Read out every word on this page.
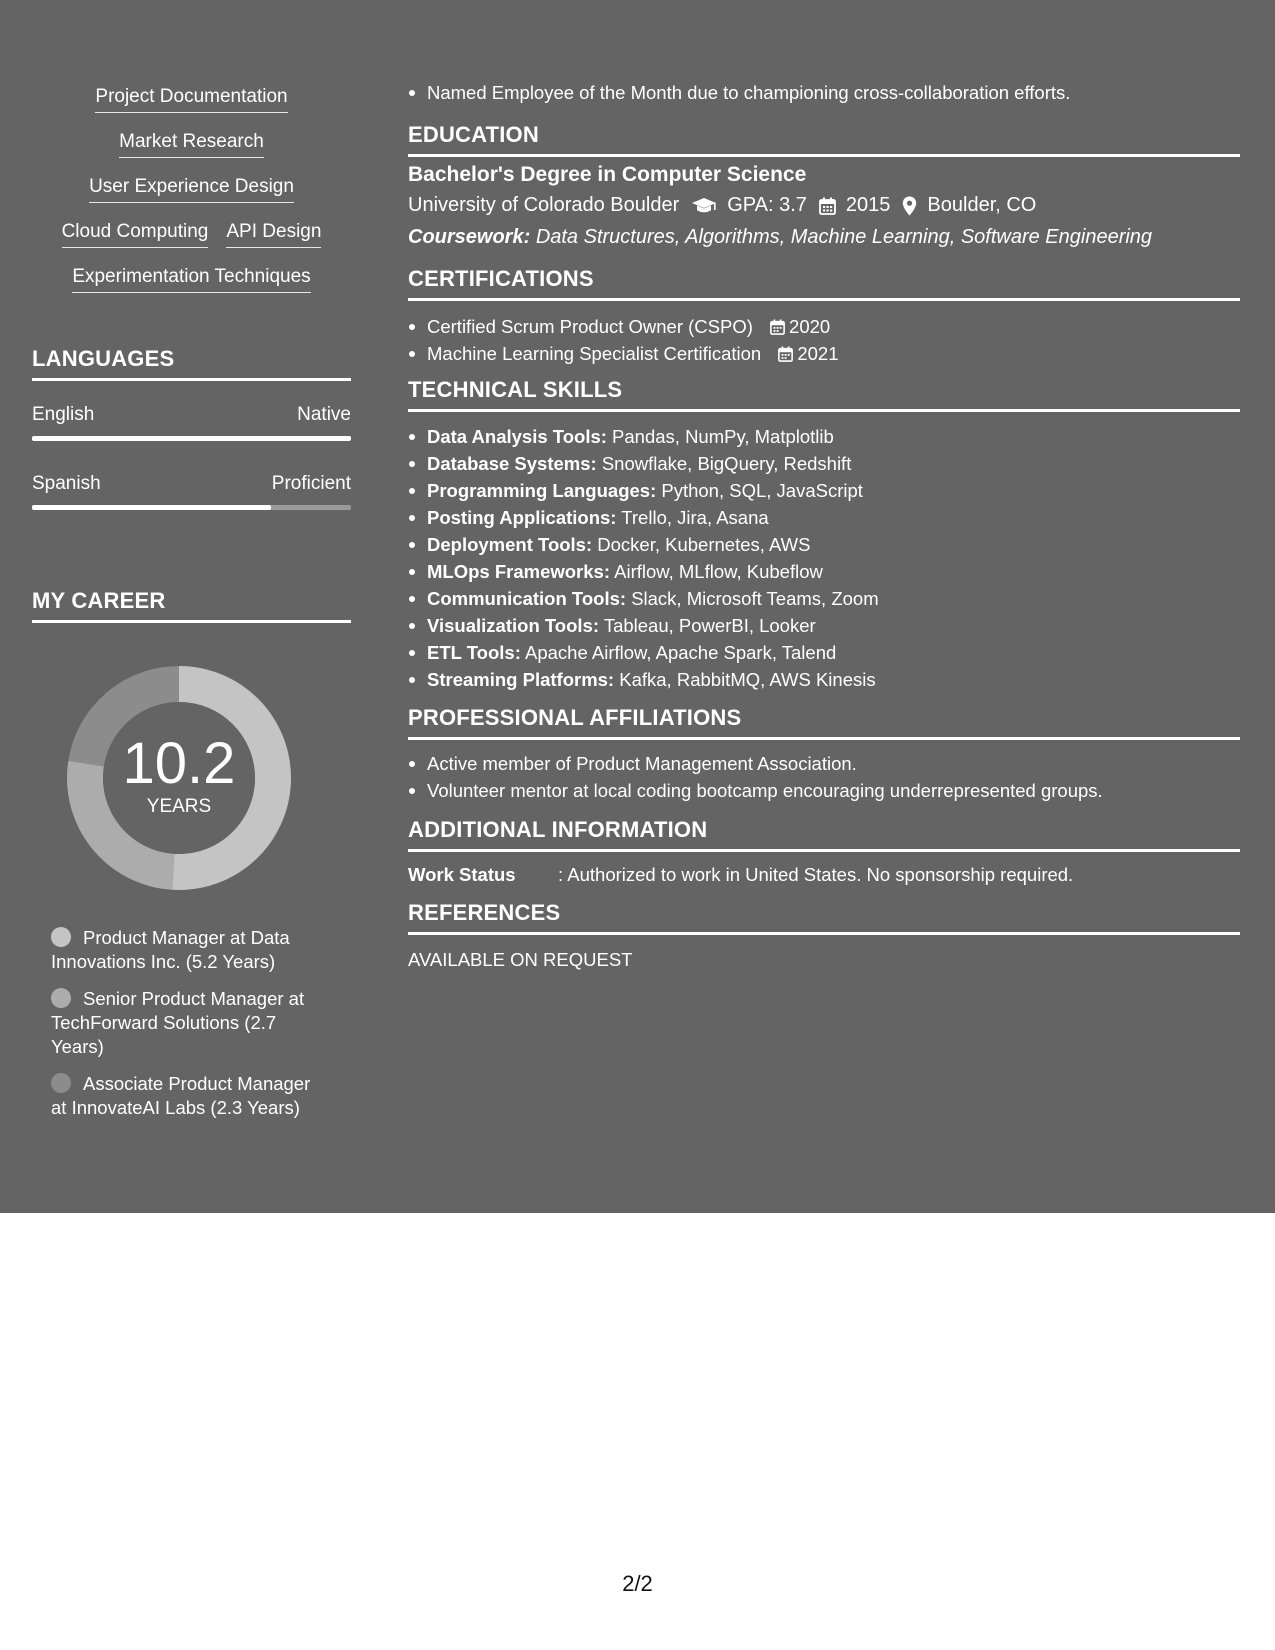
Project Documentation
Market Research
User Experience Design
Cloud Computing API Design
Experimentation Techniques
LANGUAGES
English	Native
Spanish	Proficient
MY CAREER
10.2
YEARS
Product Manager at Data Innovations Inc. (5.2 Years)
Senior Product Manager at TechForward Solutions (2.7 Years)
Associate Product Manager at InnovateAI Labs (2.3 Years)
Named Employee of the Month due to championing cross-collaboration efforts.
EDUCATION
Bachelor's Degree in Computer Science
University of Colorado Boulder GPA: 3.7 2015 Boulder, CO
Coursework: Data Structures, Algorithms, Machine Learning, Software Engineering
CERTIFICATIONS
Certified Scrum Product Owner (CSPO) 2020
Machine Learning Specialist Certification 2021
TECHNICAL SKILLS
Data Analysis Tools: Pandas, NumPy, Matplotlib
Database Systems: Snowflake, BigQuery, Redshift
Programming Languages: Python, SQL, JavaScript
Posting Applications: Trello, Jira, Asana
Deployment Tools: Docker, Kubernetes, AWS
MLOps Frameworks: Airflow, MLflow, Kubeflow
Communication Tools: Slack, Microsoft Teams, Zoom
Visualization Tools: Tableau, PowerBI, Looker
ETL Tools: Apache Airflow, Apache Spark, Talend
Streaming Platforms: Kafka, RabbitMQ, AWS Kinesis
PROFESSIONAL AFFILIATIONS
Active member of Product Management Association.
Volunteer mentor at local coding bootcamp encouraging underrepresented groups.
ADDITIONAL INFORMATION
Work Status	: Authorized to work in United States. No sponsorship required.
REFERENCES
AVAILABLE ON REQUEST
2/2
